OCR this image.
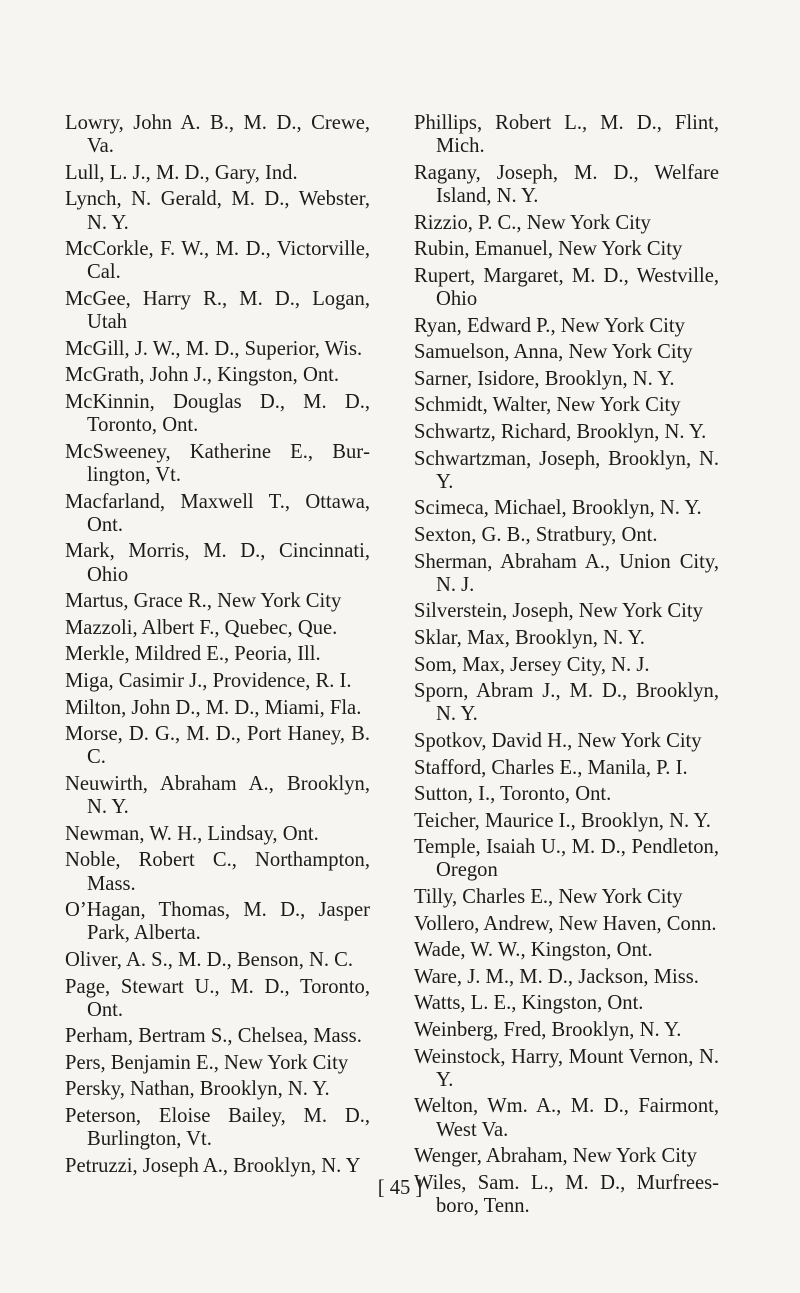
Lowry, John A. B., M. D., Crewe, Va.
Lull, L. J., M. D., Gary, Ind.
Lynch, N. Gerald, M. D., Webster, N. Y.
McCorkle, F. W., M. D., Victorville, Cal.
McGee, Harry R., M. D., Logan, Utah
McGill, J. W., M. D., Superior, Wis.
McGrath, John J., Kingston, Ont.
McKinnin, Douglas D., M. D., Toronto, Ont.
McSweeney, Katherine E., Burlington, Vt.
Macfarland, Maxwell T., Ottawa, Ont.
Mark, Morris, M. D., Cincinnati, Ohio
Martus, Grace R., New York City
Mazzoli, Albert F., Quebec, Que.
Merkle, Mildred E., Peoria, Ill.
Miga, Casimir J., Providence, R. I.
Milton, John D., M. D., Miami, Fla.
Morse, D. G., M. D., Port Haney, B. C.
Neuwirth, Abraham A., Brooklyn, N. Y.
Newman, W. H., Lindsay, Ont.
Noble, Robert C., Northampton, Mass.
O’Hagan, Thomas, M. D., Jasper Park, Alberta.
Oliver, A. S., M. D., Benson, N. C.
Page, Stewart U., M. D., Toronto, Ont.
Perham, Bertram S., Chelsea, Mass.
Pers, Benjamin E., New York City
Persky, Nathan, Brooklyn, N. Y.
Peterson, Eloise Bailey, M. D., Burlington, Vt.
Petruzzi, Joseph A., Brooklyn, N. Y
Phillips, Robert L., M. D., Flint, Mich.
Ragany, Joseph, M. D., Welfare Island, N. Y.
Rizzio, P. C., New York City
Rubin, Emanuel, New York City
Rupert, Margaret, M. D., Westville, Ohio
Ryan, Edward P., New York City
Samuelson, Anna, New York City
Sarner, Isidore, Brooklyn, N. Y.
Schmidt, Walter, New York City
Schwartz, Richard, Brooklyn, N. Y.
Schwartzman, Joseph, Brooklyn, N. Y.
Scimeca, Michael, Brooklyn, N. Y.
Sexton, G. B., Stratbury, Ont.
Sherman, Abraham A., Union City, N. J.
Silverstein, Joseph, New York City
Sklar, Max, Brooklyn, N. Y.
Som, Max, Jersey City, N. J.
Sporn, Abram J., M. D., Brooklyn, N. Y.
Spotkov, David H., New York City
Stafford, Charles E., Manila, P. I.
Sutton, I., Toronto, Ont.
Teicher, Maurice I., Brooklyn, N. Y.
Temple, Isaiah U., M. D., Pendleton, Oregon
Tilly, Charles E., New York City
Vollero, Andrew, New Haven, Conn.
Wade, W. W., Kingston, Ont.
Ware, J. M., M. D., Jackson, Miss.
Watts, L. E., Kingston, Ont.
Weinberg, Fred, Brooklyn, N. Y.
Weinstock, Harry, Mount Vernon, N. Y.
Welton, Wm. A., M. D., Fairmont, West Va.
Wenger, Abraham, New York City
Wiles, Sam. L., M. D., Murfreesboro, Tenn.
[ 45 ]
